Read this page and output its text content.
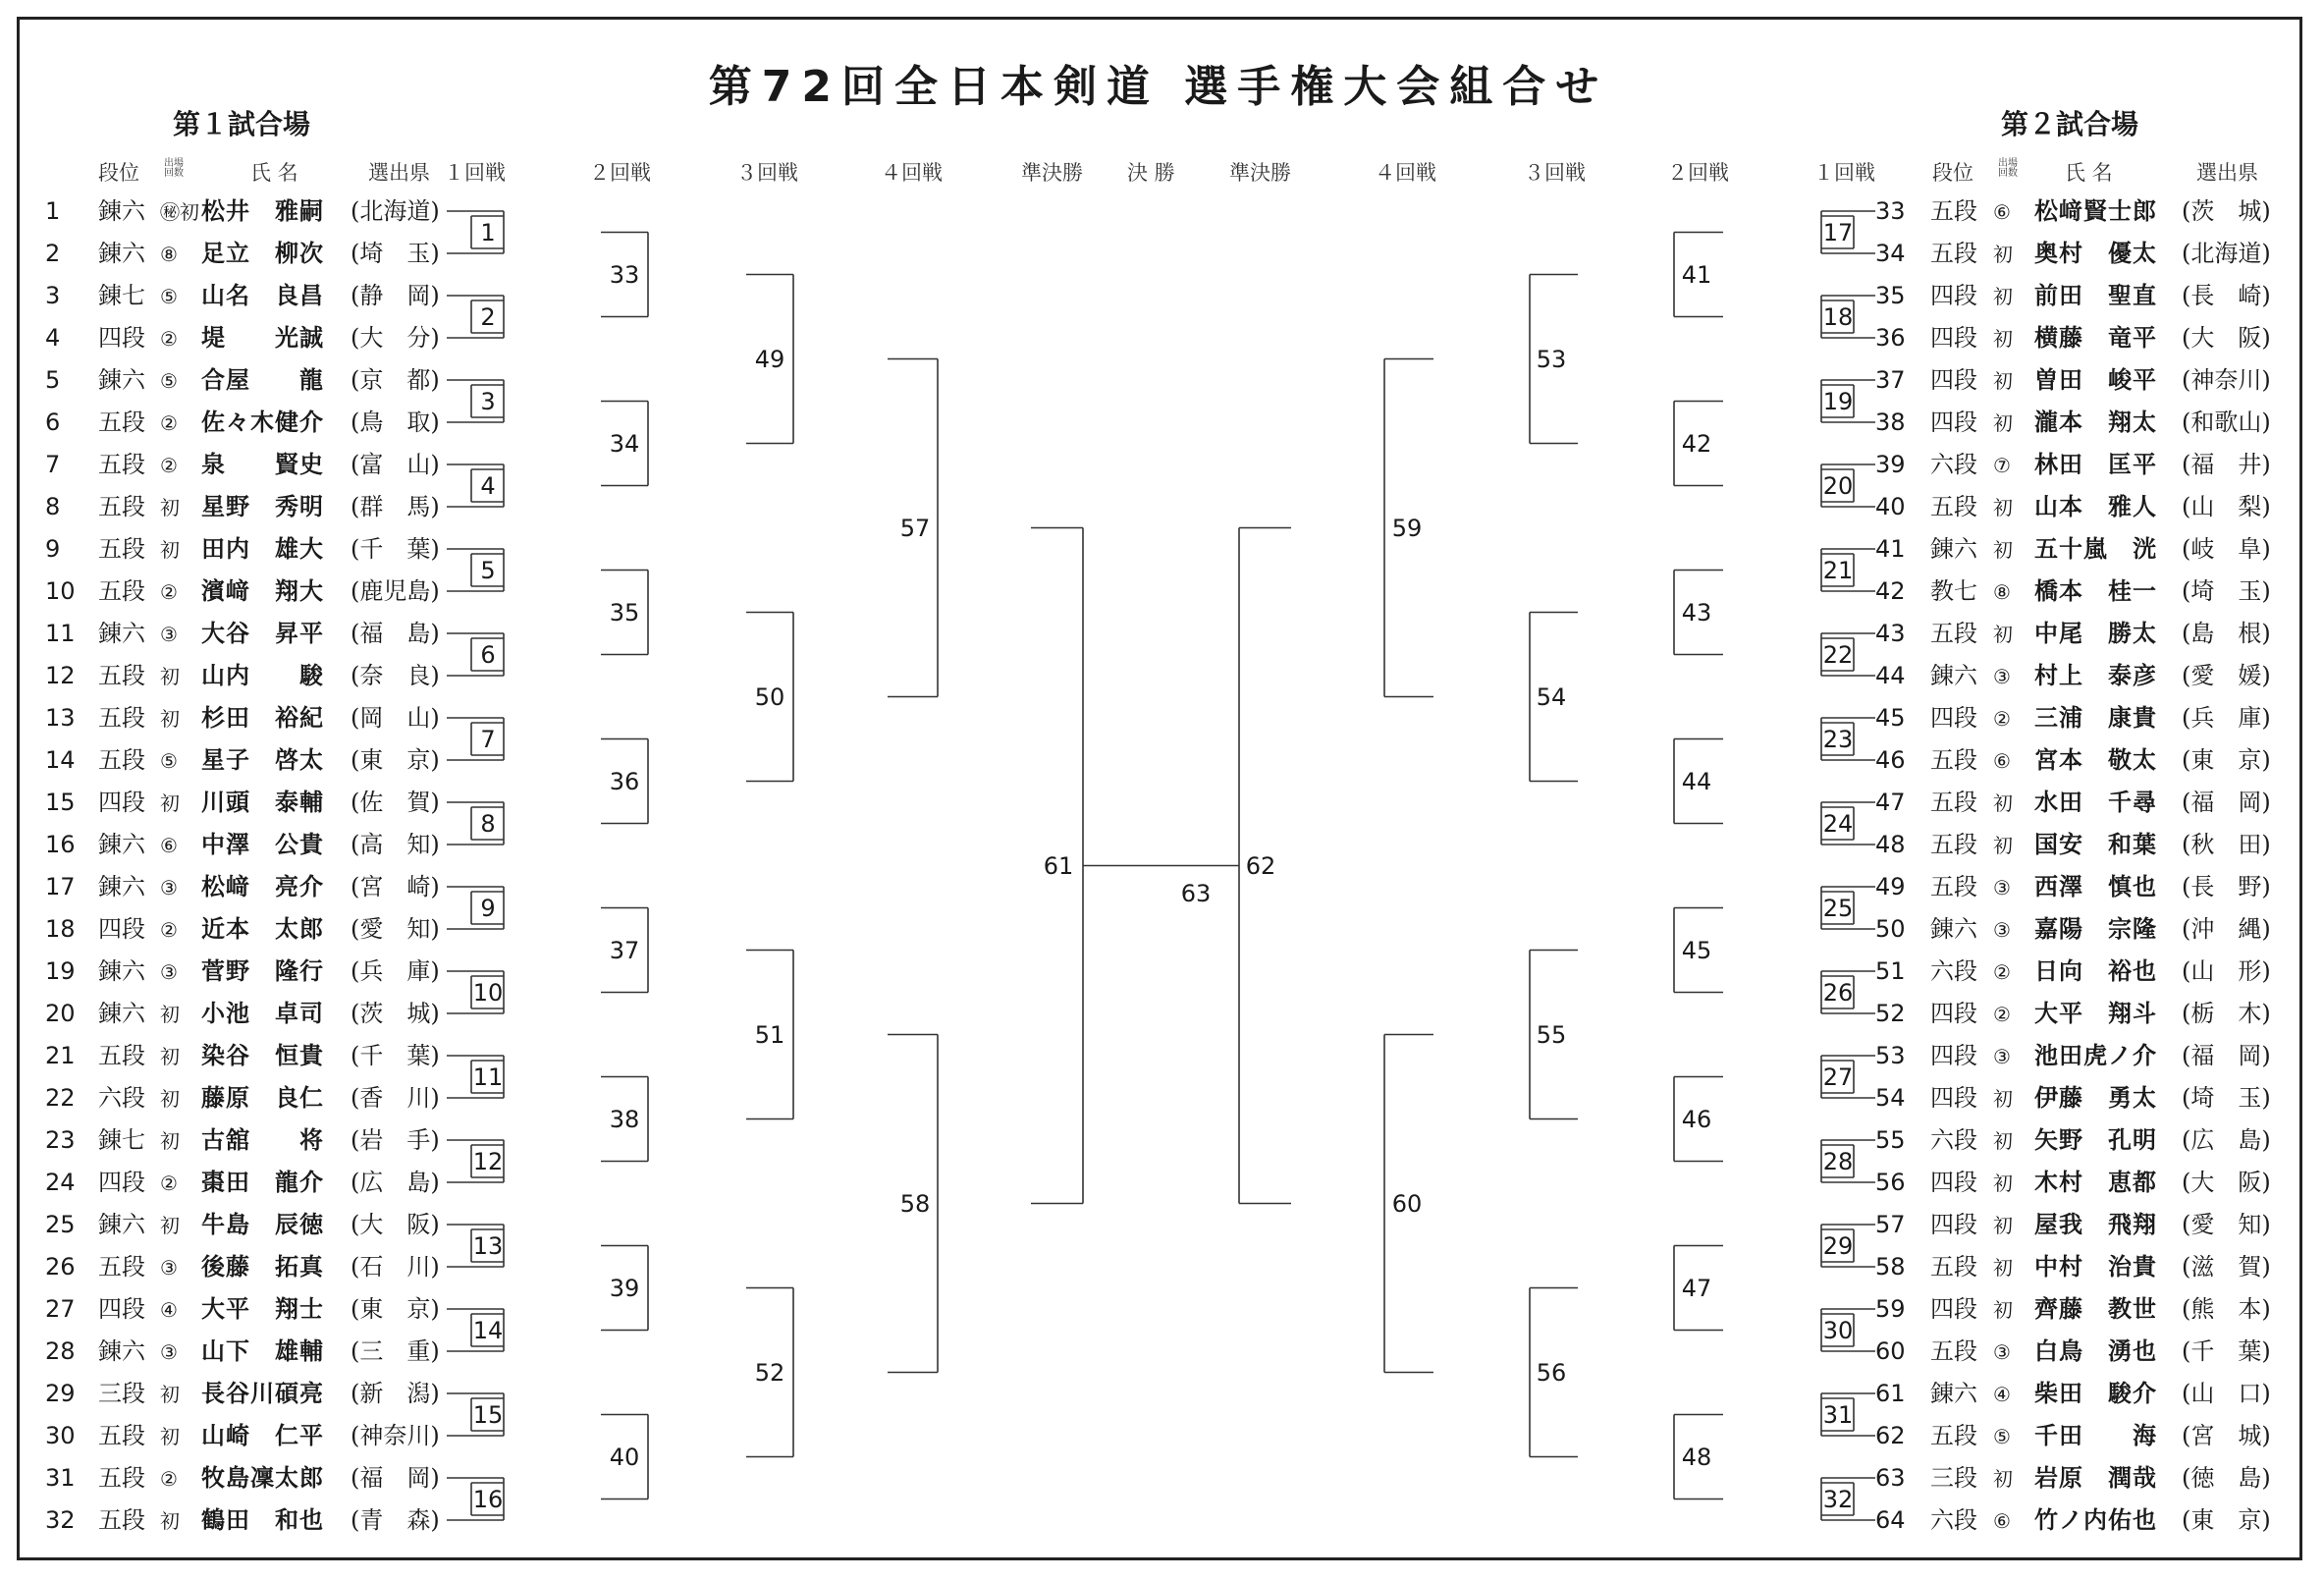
第72回全日本剣道 選手権大会組合せ
第１試合場	第２試合場
段位	氏 名	選出県 １回戦	２回戦	３回戦	４回戦	準決勝 決 勝	準決勝	４回戦	３回戦	２回戦	１回戦	段位	氏 名	選出県
出場
回数
出場
回数
1 錬六 ㊙初 松井　雅嗣 (北海道)
2 錬六 ⑧ 足立　柳次 (埼　玉)
3 錬七 ⑤ 山名　良昌 (静　岡)
4 四段 ② 堤　　光誠 (大　分)
5 錬六 ⑤ 合屋　　龍 (京　都)
6 五段 ② 佐々木健介 (鳥　取)
7 五段 ② 泉　　賢史 (富　山)
8 五段 初 星野　秀明 (群　馬)
9 五段 初 田内　雄大 (千　葉)
10 五段 ② 濱﨑　翔大 (鹿児島)
11 錬六 ③ 大谷　昇平 (福　島)
12 五段 初 山内　　駿 (奈　良)
13 五段 初 杉田　裕紀 (岡　山)
14 五段 ⑤ 星子　啓太 (東　京)
15 四段 初 川頭　泰輔 (佐　賀)
16 錬六 ⑥ 中澤　公貴 (高　知)
17 錬六 ③ 松﨑　亮介 (宮　崎)
18 四段 ② 近本　太郎 (愛　知)
19 錬六 ③ 菅野　隆行 (兵　庫)
20 錬六 初 小池　卓司 (茨　城)
21 五段 初 染谷　恒貴 (千　葉)
22 六段 初 藤原　良仁 (香　川)
23 錬七 初 古舘　　将 (岩　手)
24 四段 ② 棗田　龍介 (広　島)
25 錬六 初 牛島　辰徳 (大　阪)
26 五段 ③ 後藤　拓真 (石　川)
27 四段 ④ 大平　翔士 (東　京)
28 錬六 ③ 山下　雄輔 (三　重)
29 三段 初 長谷川碩亮 (新　潟)
30 五段 初 山崎　仁平 (神奈川)
31 五段 ② 牧島凜太郎 (福　岡)
32 五段 初 鶴田　和也 (青　森)
33 五段 ⑥ 松﨑賢士郎 (茨　城)
34 五段 初 奥村　優太 (北海道)
35 四段 初 前田　聖直 (長　崎)
36 四段 初 横藤　竜平 (大　阪)
37 四段 初 曽田　峻平 (神奈川)
38 四段 初 瀧本　翔太 (和歌山)
39 六段 ⑦ 林田　匡平 (福　井)
40 五段 初 山本　雅人 (山　梨)
41 錬六 初 五十嵐　洸 (岐　阜)
42 教七 ⑧ 橋本　桂一 (埼　玉)
43 五段 初 中尾　勝太 (島　根)
44 錬六 ③ 村上　泰彦 (愛　媛)
45 四段 ② 三浦　康貴 (兵　庫)
46 五段 ⑥ 宮本　敬太 (東　京)
47 五段 初 水田　千尋 (福　岡)
48 五段 初 国安　和葉 (秋　田)
49 五段 ③ 西澤　慎也 (長　野)
50 錬六 ③ 嘉陽　宗隆 (沖　縄)
51 六段 ② 日向　裕也 (山　形)
52 四段 ② 大平　翔斗 (栃　木)
53 四段 ③ 池田虎ノ介 (福　岡)
54 四段 初 伊藤　勇太 (埼　玉)
55 六段 初 矢野　孔明 (広　島)
56 四段 初 木村　恵都 (大　阪)
57 四段 初 屋我　飛翔 (愛　知)
58 五段 初 中村　治貴 (滋　賀)
59 四段 初 齊藤　教世 (熊　本)
60 五段 ③ 白鳥　湧也 (千　葉)
61 錬六 ④ 柴田　駿介 (山　口)
62 五段 ⑤ 千田　　海 (宮　城)
63 三段 初 岩原　潤哉 (徳　島)
64 六段 ⑥ 竹ノ内佑也 (東　京)
1
2
3
4
5
6
7
8
9
10
11
12
13
14
15
16
17
18
19
20
21
22
23
24
25
26
27
28
29
30
31
32
33	41
34	42
35	43
36	44
37	45
38	46
39	47
40	48
49	53
50	54
51	55
52	56
57	59
58	60
61	62
63
